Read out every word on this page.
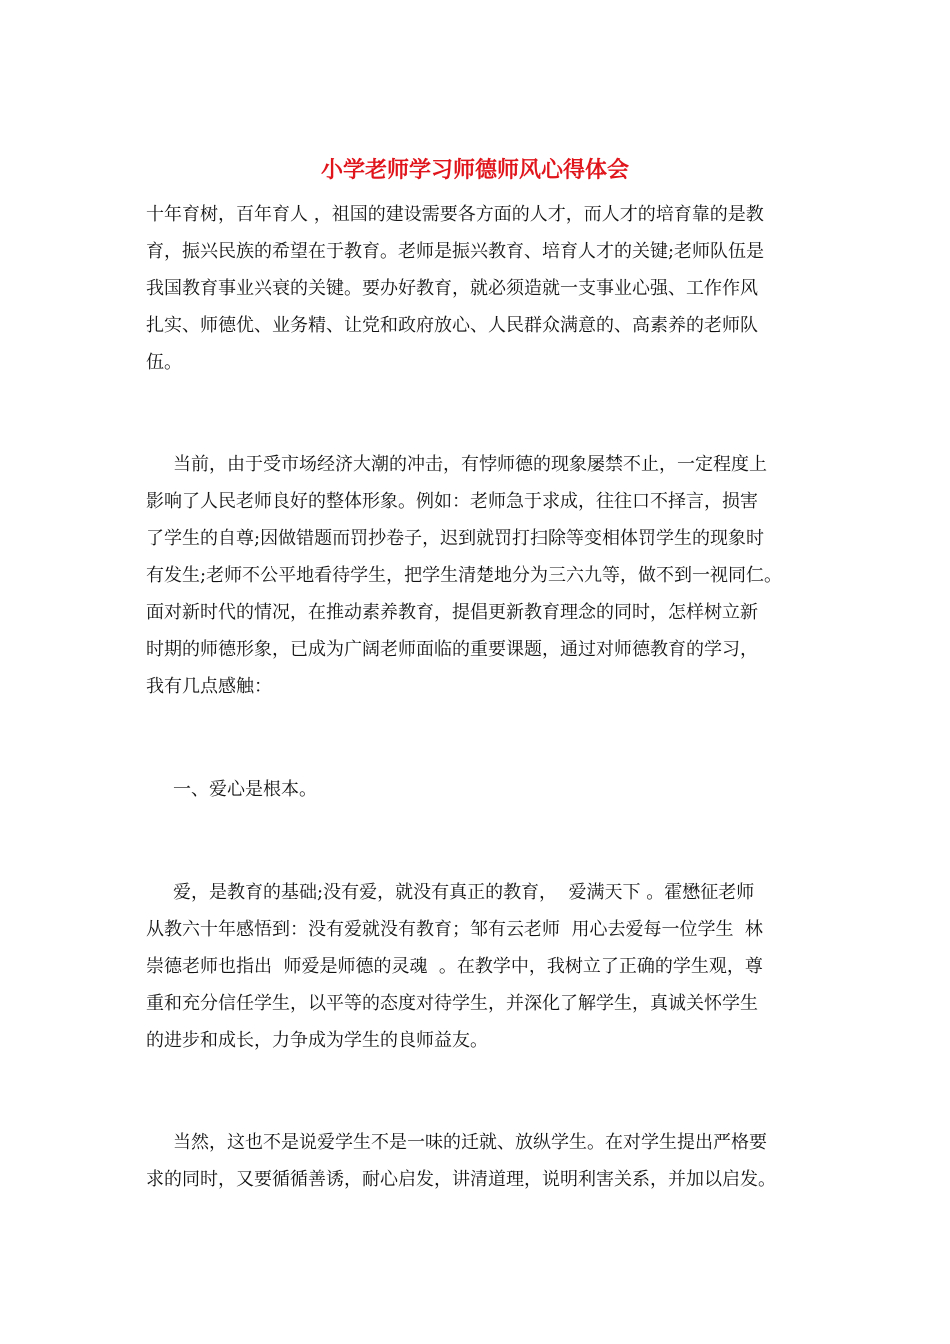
小学老师学习师德师风心得体会
十年育树，百年育人 ，祖国的建设需要各方面的人才，而人才的培育靠的是教
育，振兴民族的希望在于教育。老师是振兴教育、培育人才的关键;老师队伍是
我国教育事业兴衰的关键。要办好教育，就必须造就一支事业心强、工作作风
扎实、师德优、业务精、让党和政府放心、人民群众满意的、高素养的老师队
伍。
当前，由于受市场经济大潮的冲击，有悖师德的现象屡禁不止，一定程度上
影响了人民老师良好的整体形象。例如：老师急于求成，往往口不择言，损害
了学生的自尊;因做错题而罚抄卷子，迟到就罚打扫除等变相体罚学生的现象时
有发生;老师不公平地看待学生，把学生清楚地分为三六九等，做不到一视同仁。
面对新时代的情况，在推动素养教育，提倡更新教育理念的同时，怎样树立新
时期的师德形象，已成为广阔老师面临的重要课题，通过对师德教育的学习，
我有几点感触：
一、爱心是根本。
爱，是教育的基础;没有爱，就没有真正的教育，  爱满天下 。霍懋征老师
从教六十年感悟到：没有爱就没有教育；邹有云老师  用心去爱每一位学生  林
崇德老师也指出  师爱是师德的灵魂  。在教学中，我树立了正确的学生观，尊
重和充分信任学生，以平等的态度对待学生，并深化了解学生，真诚关怀学生
的进步和成长，力争成为学生的良师益友。
当然，这也不是说爱学生不是一味的迁就、放纵学生。在对学生提出严格要
求的同时，又要循循善诱，耐心启发，讲清道理，说明利害关系，并加以启发。
